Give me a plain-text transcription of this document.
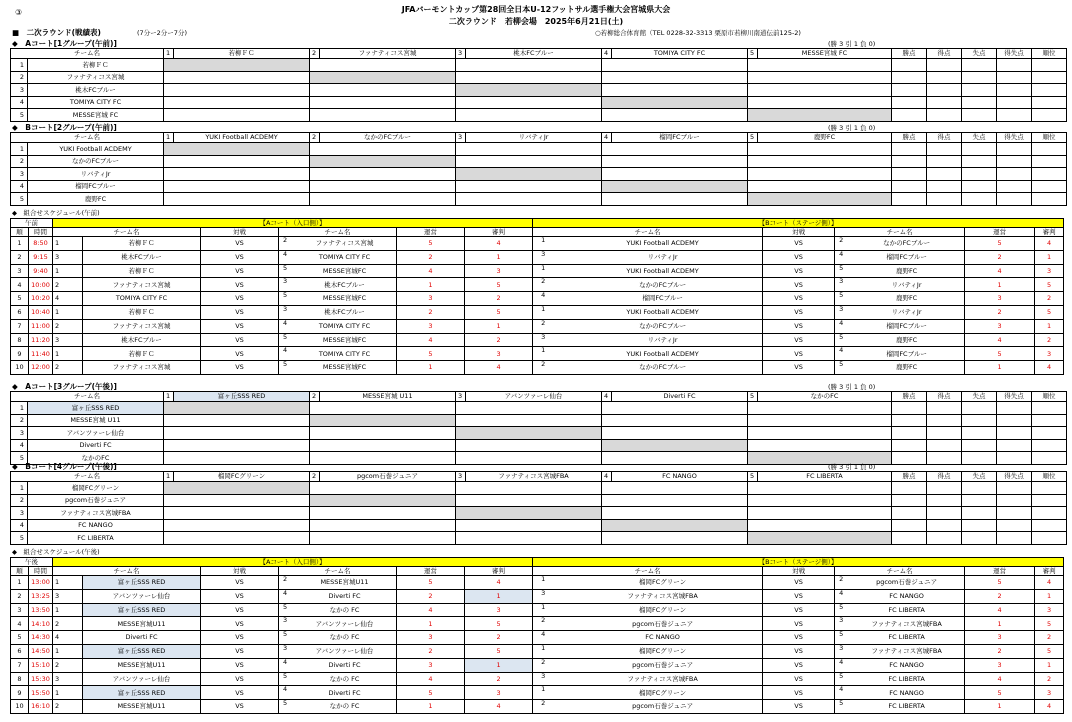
③	JFAバーモントカップ第28回全日本U-12フットサル選手権大会宮城県大会
二次ラウンド　若柳会場　2025年6月21日(土)
■　二次ラウンド(戦績表)	(7分ー2分ー7分)	○若柳総合体育館（TEL 0228-32-3313 栗原市若柳川南道伝前125-2)
◆　Aコート[1グループ(午前)]	(勝 3 引 1 負 0)
チーム名		1	若柳ＦＣ	2	ファナティコス宮城	3	桃木FCブルー	4	TOMIYA CITY FC	5	MESSE宮城 FC	勝点	得点	失点	得失点	順位
1	若柳ＦＣ															
2	ファナティコス宮城															
3	桃木FCブルー															
4	TOMIYA CITY FC															
5	MESSE宮城 FC															
◆　Bコート[2グループ(午前)]	(勝 3 引 1 負 0)
チーム名		1	YUKI Football ACDEMY	2	なかのFCブルー	3	リバティJr	4	榴岡FCブルー	5	鹿野FC	勝点	得点	失点	得失点	順位
1	YUKI Football ACDEMY															
2	なかのFCブルー															
3	リバティJr															
4	榴岡FCブルー															
5	鹿野FC															
◆　Aコート[3グループ(午後)]	(勝 3 引 1 負 0)
チーム名		1	富ヶ丘SSS RED	2	MESSE宮城 U11	3	アバンツァーレ仙台	4	Diverti FC	5	なかのFC	勝点	得点	失点	得失点	順位
1	富ヶ丘SSS RED															
2	MESSE宮城 U11															
3	アバンツァーレ仙台															
4	Diverti FC															
5	なかのFC															
◆　Bコート[4グループ(午後)]	(勝 3 引 1 負 0)
チーム名		1	榴岡FCグリーン	2	pgcom石巻ジュニア	3	ファナティコス宮城FBA	4	FC NANGO	5	FC LIBERTA	勝点	得点	失点	得失点	順位
1	榴岡FCグリーン															
2	pgcom石巻ジュニア															
3	ファナティコス宮城FBA															
4	FC NANGO															
5	FC LIBERTA															
◆　組合せスケジュール(午前)
午前		【Aコート（入口側）】						【Bコート（ステージ側）】				
順	時間	チーム名		対戦	チーム名	運営	審判	チーム名	対戦	チーム名	運営	審判
1	8:50	1	若柳ＦＣ	VS	2 ファナティコス宮城	5	4	1 YUKI Football ACDEMY	VS	2 なかのFCブルー	5	4
2	9:15	3	桃木FCブルー	VS	4 TOMIYA CITY FC	2	1	3 リバティJr	VS	4 榴岡FCブルー	2	1
3	9:40	1	若柳ＦＣ	VS	5 MESSE宮城FC	4	3	1 YUKI Football ACDEMY	VS	5 鹿野FC	4	3
4	10:00	2	ファナティコス宮城	VS	3 桃木FCブルー	1	5	2 なかのFCブルー	VS	3 リバティJr	1	5
5	10:20	4	TOMIYA CITY FC	VS	5 MESSE宮城FC	3	2	4 榴岡FCブルー	VS	5 鹿野FC	3	2
6	10:40	1	若柳ＦＣ	VS	3 桃木FCブルー	2	5	1 YUKI Football ACDEMY	VS	3 リバティJr	2	5
7	11:00	2	ファナティコス宮城	VS	4 TOMIYA CITY FC	3	1	2 なかのFCブルー	VS	4 榴岡FCブルー	3	1
8	11:20	3	桃木FCブルー	VS	5 MESSE宮城FC	4	2	3 リバティJr	VS	5 鹿野FC	4	2
9	11:40	1	若柳ＦＣ	VS	4 TOMIYA CITY FC	5	3	1 YUKI Football ACDEMY	VS	4 榴岡FCブルー	5	3
10	12:00	2	ファナティコス宮城	VS	5 MESSE宮城FC	1	4	2 なかのFCブルー	VS	5 鹿野FC	1	4
◆　組合せスケジュール(午後)
午後		【Aコート（入口側）】						【Bコート（ステージ側）】				
順	時間	チーム名		対戦	チーム名	運営	審判	チーム名	対戦	チーム名	運営	審判
1	13:00	1	富ヶ丘SSS RED	VS	2 MESSE宮城U11	5	4	1 榴岡FCグリーン	VS	2 pgcom石巻ジュニア	5	4
2	13:25	3	アバンツァーレ仙台	VS	4 Diverti FC	2	1	3 ファナティコス宮城FBA	VS	4 FC NANGO	2	1
3	13:50	1	富ヶ丘SSS RED	VS	5 なかの FC	4	3	1 榴岡FCグリーン	VS	5 FC LIBERTA	4	3
4	14:10	2	MESSE宮城U11	VS	3 アバンツァーレ仙台	1	5	2 pgcom石巻ジュニア	VS	3 ファナティコス宮城FBA	1	5
5	14:30	4	Diverti FC	VS	5 なかの FC	3	2	4 FC NANGO	VS	5 FC LIBERTA	3	2
6	14:50	1	富ヶ丘SSS RED	VS	3 アバンツァーレ仙台	2	5	1 榴岡FCグリーン	VS	3 ファナティコス宮城FBA	2	5
7	15:10	2	MESSE宮城U11	VS	4 Diverti FC	3	1	2 pgcom石巻ジュニア	VS	4 FC NANGO	3	1
8	15:30	3	アバンツァーレ仙台	VS	5 なかの FC	4	2	3 ファナティコス宮城FBA	VS	5 FC LIBERTA	4	2
9	15:50	1	富ヶ丘SSS RED	VS	4 Diverti FC	5	3	1 榴岡FCグリーン	VS	4 FC NANGO	5	3
10	16:10	2	MESSE宮城U11	VS	5 なかの FC	1	4	2 pgcom石巻ジュニア	VS	5 FC LIBERTA	1	4
